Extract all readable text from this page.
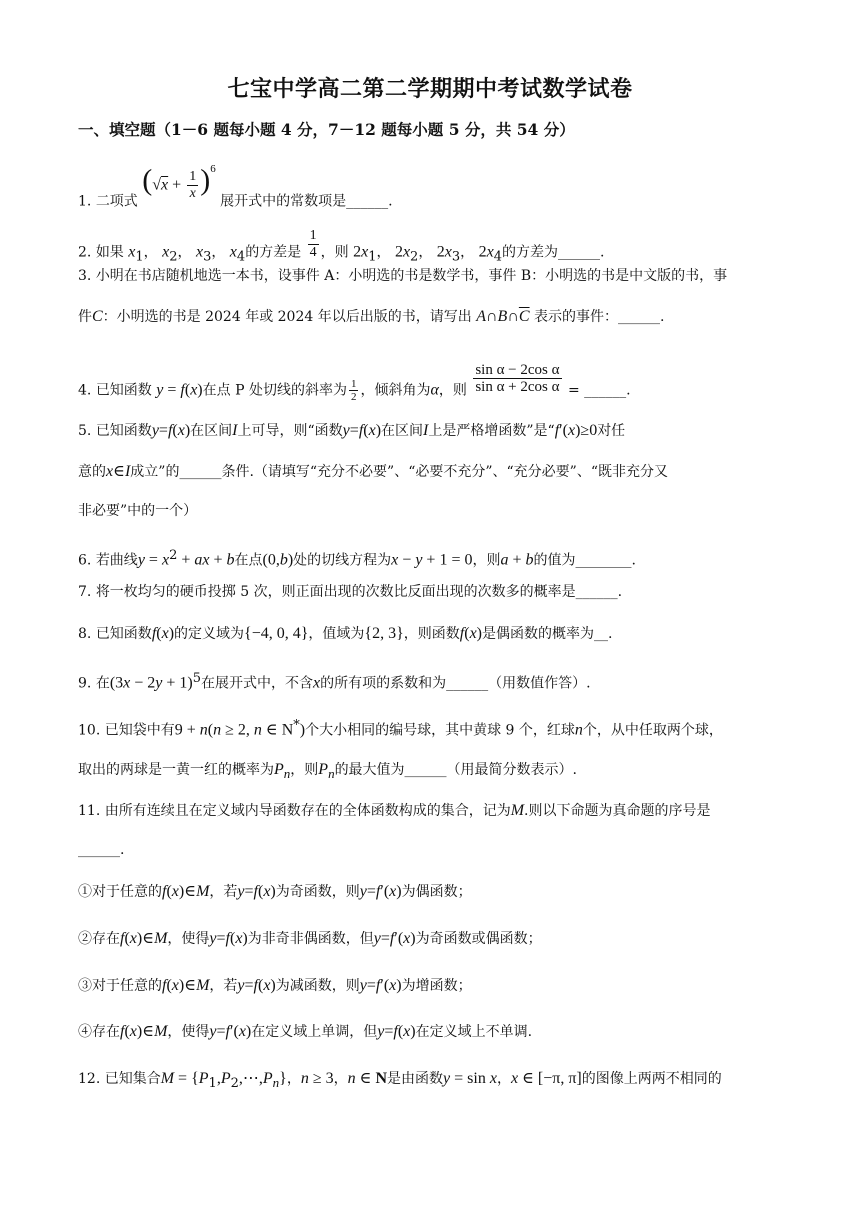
七宝中学高二第二学期期中考试数学试卷
一、填空题（1－6 题每小题 4 分，7－12 题每小题 5 分，共 54 分）
1. 二项式 $(√x + \frac{1}{x} )^6$ 展开式中的常数项是______.
2. 如果 $x_1$， $x_2$， $x_3$， $x_4$的方差是 $\frac{1}{4}$ ，则 $2x_1$， $2x_2$， $2x_3$， $2x_4$的方差为______.
3. 小明在书店随机地选一本书，设事件 A：小明选的书是数学书，事件 B：小明选的书是中文版的书，事
件C：小明选的书是 2024 年或 2024 年以后出版的书，请写出 $A\cap B\cap\overline{C}$ 表示的事件：______.
4. 已知函数 y = f(x)在点 P 处切线的斜率为 $\frac{1}{2}$ ，倾斜角为α，则 $\frac{\text{sin α − 2cos α}}{\text{sin α + 2cos α}}$ = ______.
5. 已知函数y=f(x)在区间I上可导，则“函数y=f(x)在区间I上是严格增函数”是“f′(x)≥0对任
意的x∈I成立”的______条件.（请填写“充分不必要”、“必要不充分”、“充分必要”、“既非充分又
非必要”中的一个）
6. 若曲线$y = x^2$ + ax + b在点(0,b)处的切线方程为x − y + 1 = 0，则a + b的值为________.
7. 将一枚均匀的硬币投掷 5 次，则正面出现的次数比反面出现的次数多的概率是______.
8. 已知函数f(x)的定义域为{−4, 0, 4}，值域为{2, 3}，则函数f(x)是偶函数的概率为__.
9. 在$(3x - 2y + 1)^5$在展开式中，不含x的所有项的系数和为______（用数值作答）.
10. 已知袋中有9 + n(n ≥ 2, n ∈ N*)个大小相同的编号球，其中黄球 9 个，红球n个，从中任取两个球，
取出的两球是一黄一红的概率为$P_n$，则$P_n$的最大值为______（用最简分数表示）.
11. 由所有连续且在定义域内导函数存在的全体函数构成的集合，记为M.则以下命题为真命题的序号是
______.
①对于任意的f(x)∈M，若y=f(x)为奇函数，则y=f′(x)为偶函数；
②存在f(x)∈M，使得y=f(x)为非奇非偶函数，但y=f′(x)为奇函数或偶函数；
③对于任意的f(x)∈M，若y=f(x)为减函数，则y=f′(x)为增函数；
④存在f(x)∈M，使得y=f′(x)在定义域上单调，但y=f(x)在定义域上不单调.
12. 已知集合$M = \{P_1,P_2,\cdots,P_n\}$，n ≥ 3，n ∈ N是由函数y = sin x，x ∈ [−π, π]的图像上两两不相同的
